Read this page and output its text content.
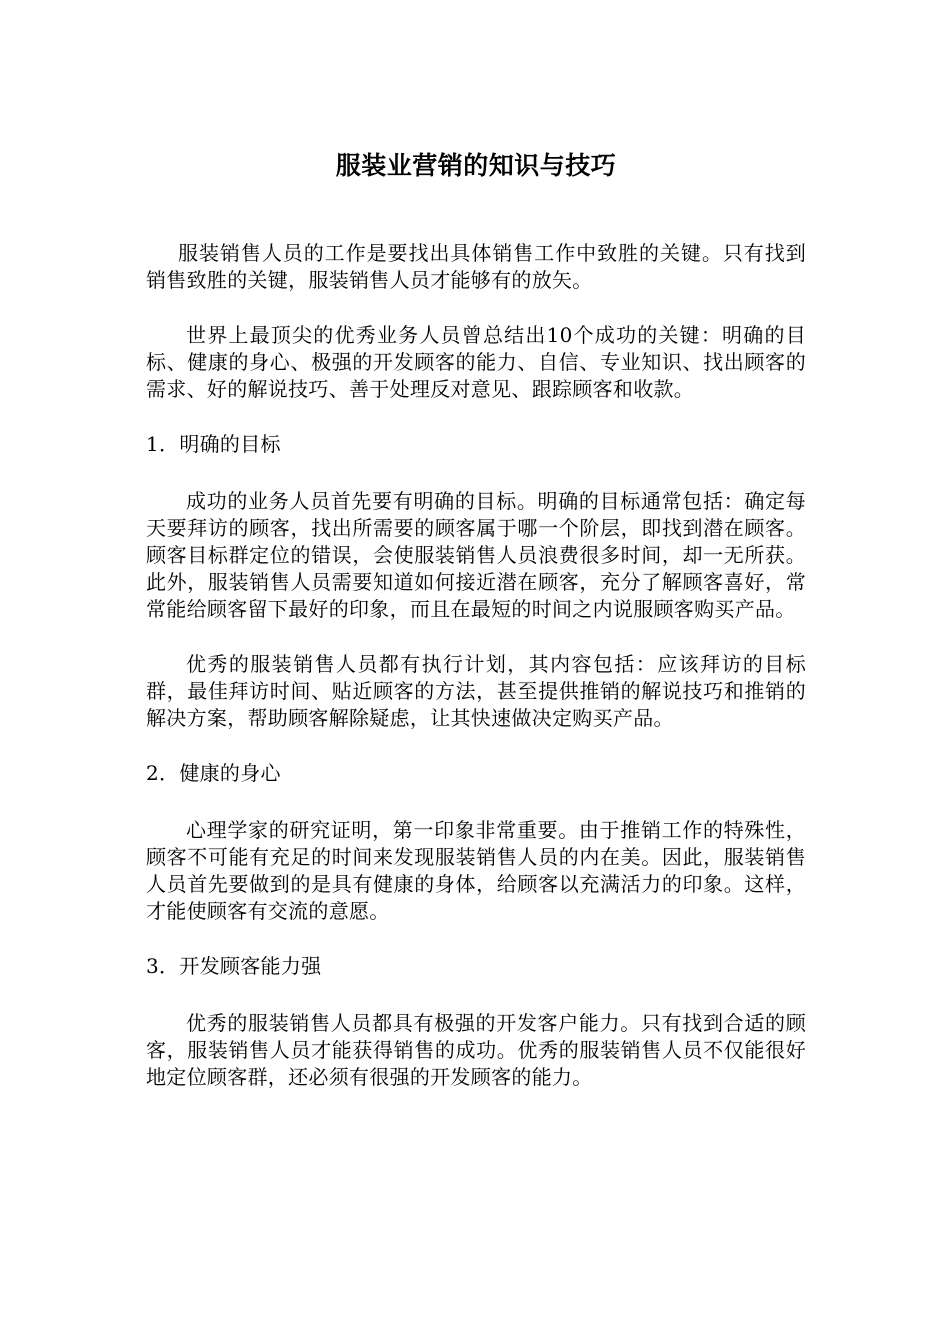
服装业营销的知识与技巧

服装销售人员的工作是要找出具体销售工作中致胜的关键。只有找到销售致胜的关键，服装销售人员才能够有的放矢。

世界上最顶尖的优秀业务人员曾总结出10个成功的关键：明确的目标、健康的身心、极强的开发顾客的能力、自信、专业知识、找出顾客的需求、好的解说技巧、善于处理反对意见、跟踪顾客和收款。

1．明确的目标

成功的业务人员首先要有明确的目标。明确的目标通常包括：确定每天要拜访的顾客，找出所需要的顾客属于哪一个阶层，即找到潜在顾客。顾客目标群定位的错误，会使服装销售人员浪费很多时间，却一无所获。此外，服装销售人员需要知道如何接近潜在顾客，充分了解顾客喜好，常常能给顾客留下最好的印象，而且在最短的时间之内说服顾客购买产品。

优秀的服装销售人员都有执行计划，其内容包括：应该拜访的目标群，最佳拜访时间、贴近顾客的方法，甚至提供推销的解说技巧和推销的解决方案，帮助顾客解除疑虑，让其快速做决定购买产品。

2．健康的身心

心理学家的研究证明，第一印象非常重要。由于推销工作的特殊性，顾客不可能有充足的时间来发现服装销售人员的内在美。因此，服装销售人员首先要做到的是具有健康的身体，给顾客以充满活力的印象。这样，才能使顾客有交流的意愿。

3．开发顾客能力强

优秀的服装销售人员都具有极强的开发客户能力。只有找到合适的顾客，服装销售人员才能获得销售的成功。优秀的服装销售人员不仅能很好地定位顾客群，还必须有很强的开发顾客的能力。
